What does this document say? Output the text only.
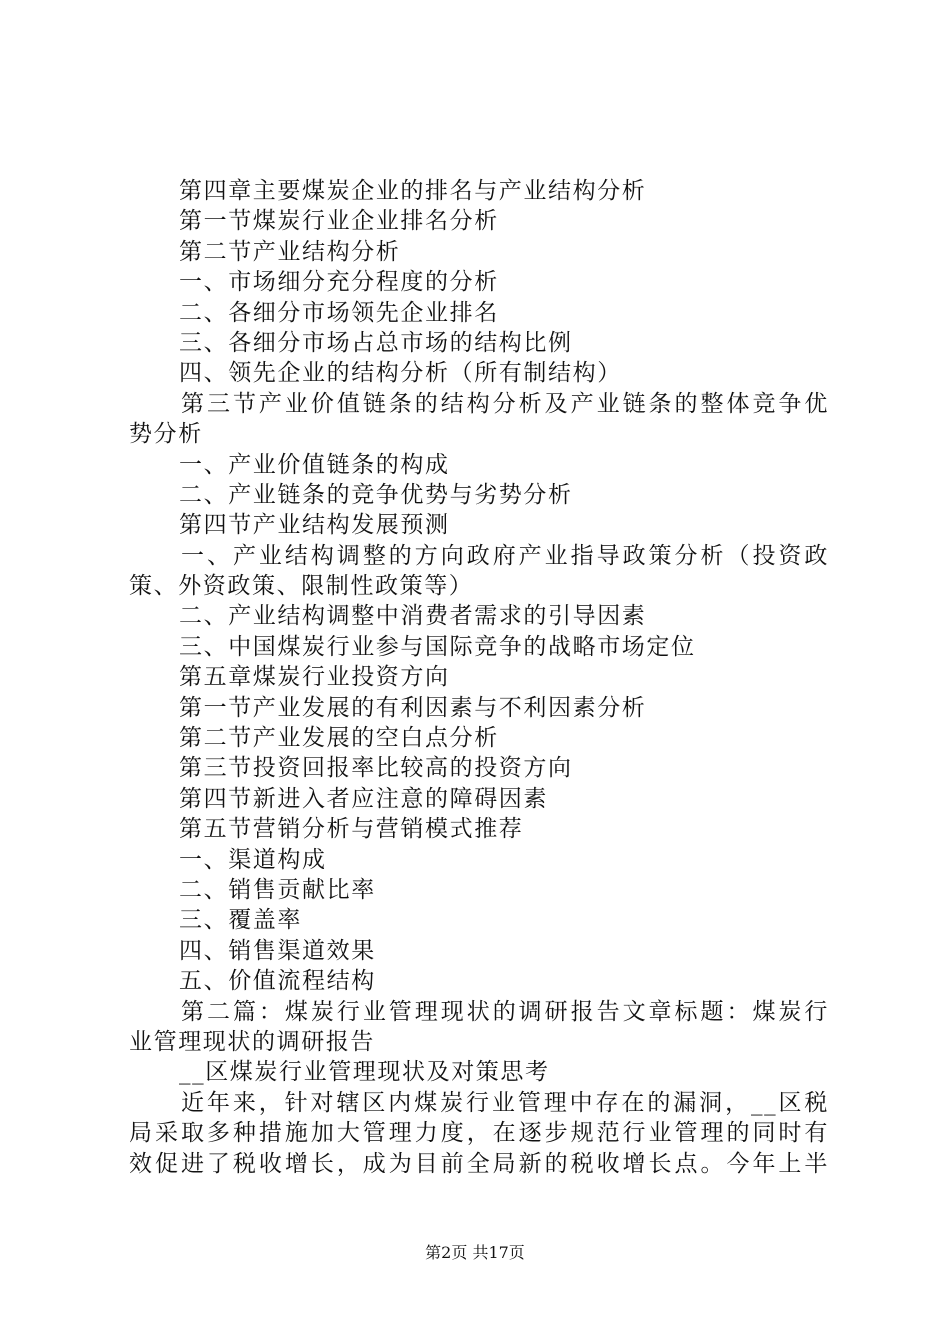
第四章主要煤炭企业的排名与产业结构分析
第一节煤炭行业企业排名分析
第二节产业结构分析
一、市场细分充分程度的分析
二、各细分市场领先企业排名
三、各细分市场占总市场的结构比例
四、领先企业的结构分析（所有制结构）
第三节产业价值链条的结构分析及产业链条的整体竞争优
势分析
一、产业价值链条的构成
二、产业链条的竞争优势与劣势分析
第四节产业结构发展预测
一、产业结构调整的方向政府产业指导政策分析（投资政
策、外资政策、限制性政策等）
二、产业结构调整中消费者需求的引导因素
三、中国煤炭行业参与国际竞争的战略市场定位
第五章煤炭行业投资方向
第一节产业发展的有利因素与不利因素分析
第二节产业发展的空白点分析
第三节投资回报率比较高的投资方向
第四节新进入者应注意的障碍因素
第五节营销分析与营销模式推荐
一、渠道构成
二、销售贡献比率
三、覆盖率
四、销售渠道效果
五、价值流程结构
第二篇：煤炭行业管理现状的调研报告文章标题：煤炭行
业管理现状的调研报告
__区煤炭行业管理现状及对策思考
近年来，针对辖区内煤炭行业管理中存在的漏洞，__区税
局采取多种措施加大管理力度，在逐步规范行业管理的同时有
效促进了税收增长，成为目前全局新的税收增长点。今年上半
第2页 共17页
